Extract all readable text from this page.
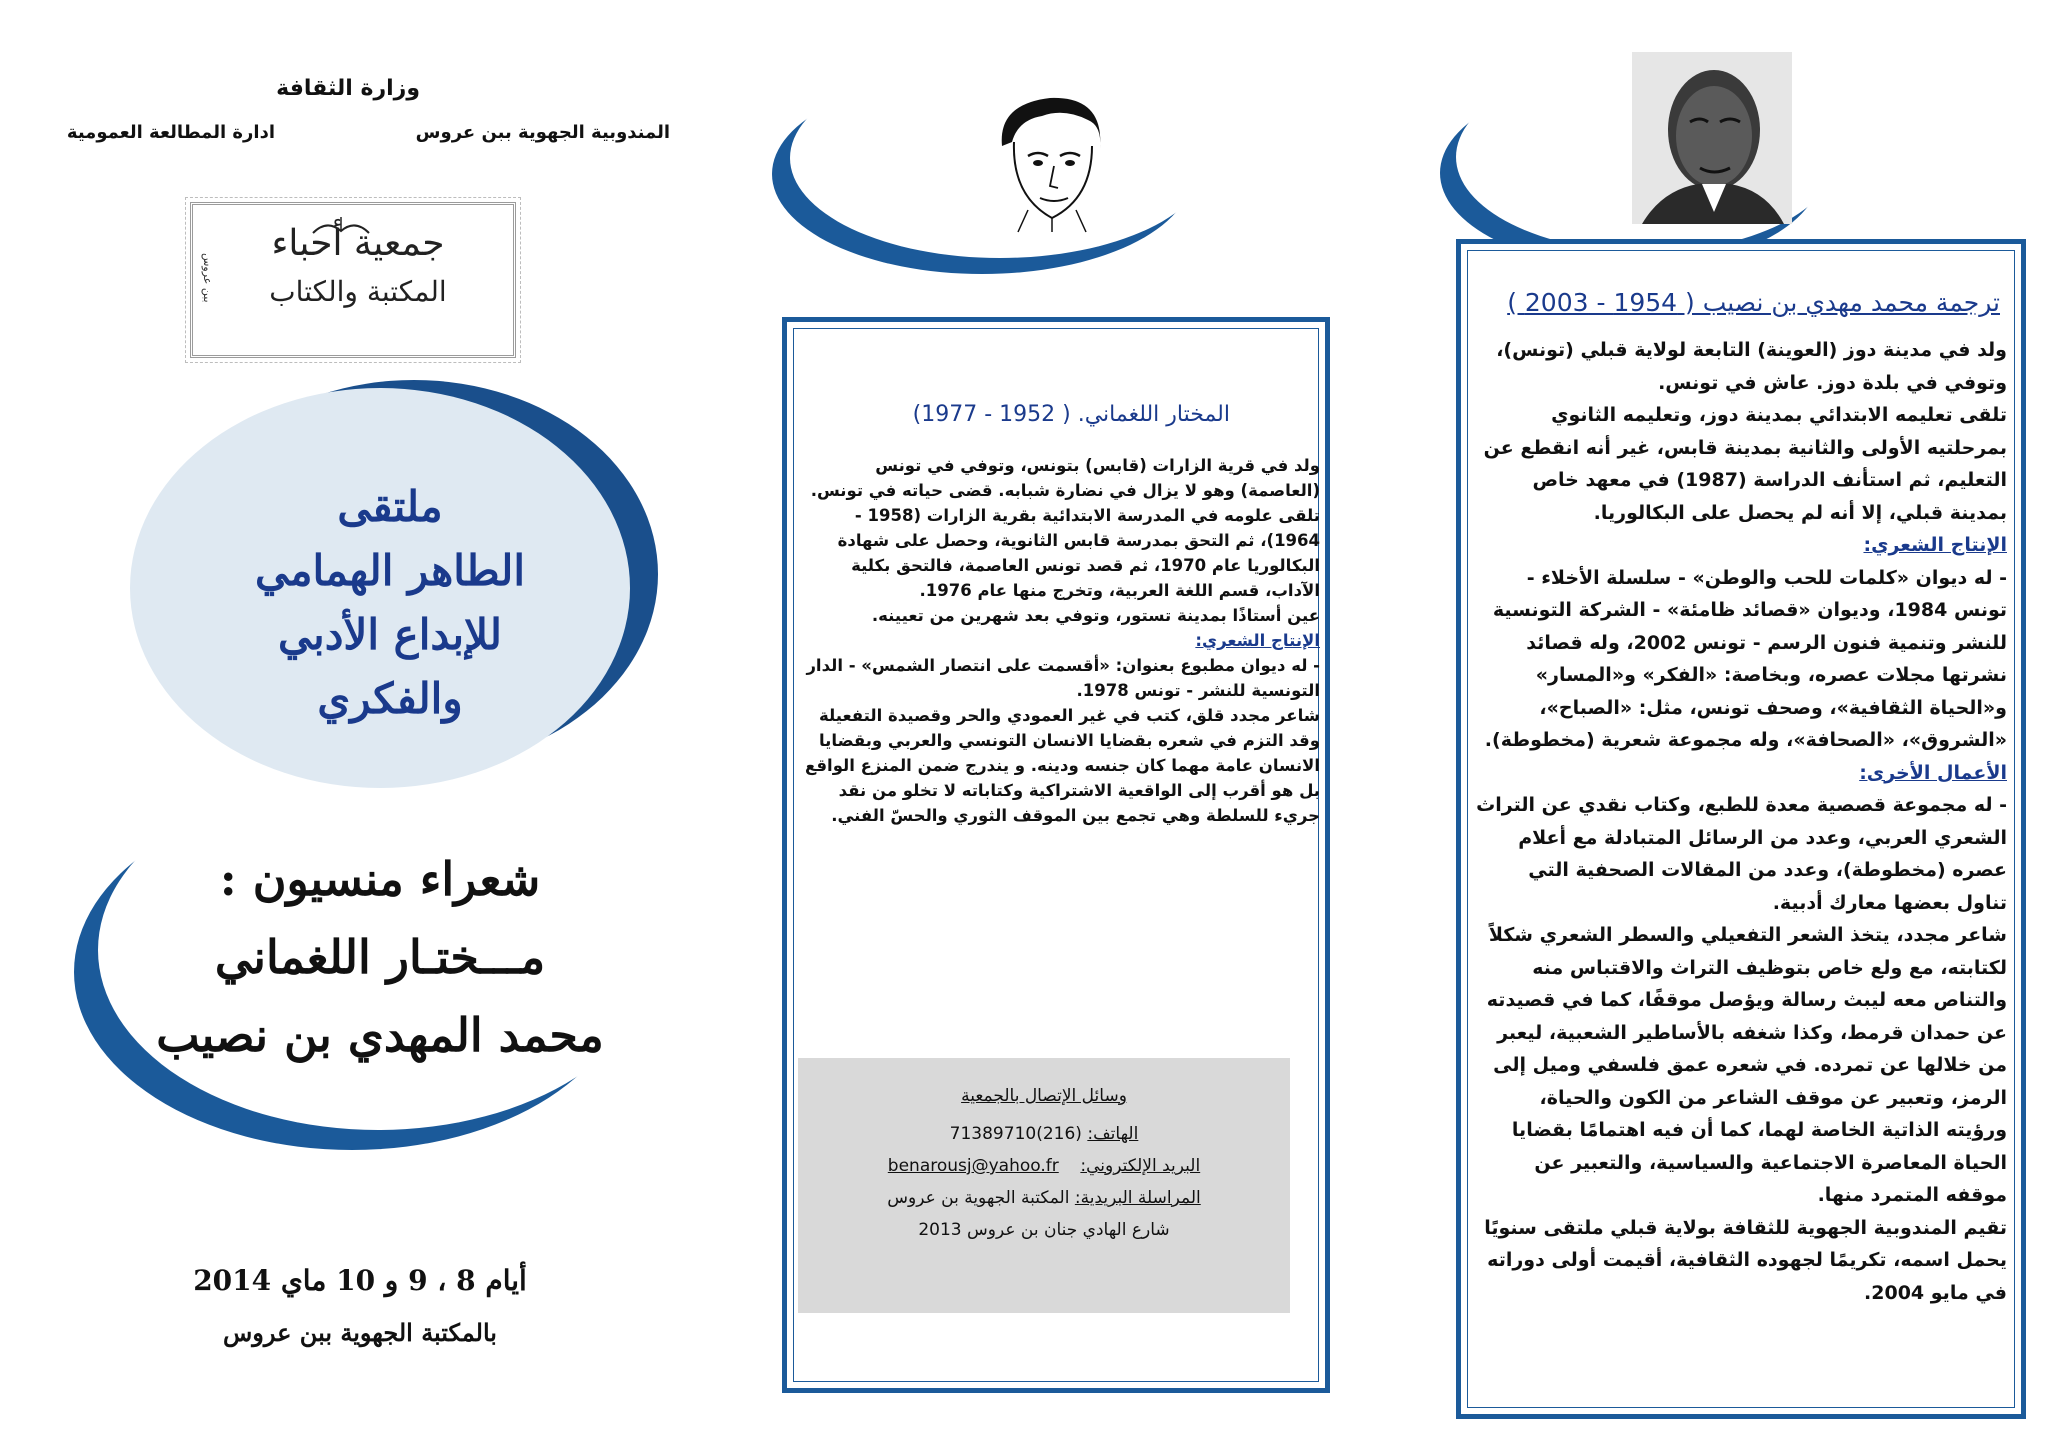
وزارة الثقافة
المندوبية الجهوية ببن عروس
ادارة المطالعة العمومية
جمعية أحباء
المكتبة والكتاب
ببن عروس
ملتقى
الطاهر الهمامي
للإبداع الأدبي
والفكري
شعراء منسيون :
مـــختـار اللغماني
محمد المهدي بن نصيب
أيام 8 ، 9 و 10 ماي 2014
بالمكتبة الجهوية ببن عروس
المختار اللغماني. ( 1952 - 1977)

ولد في قرية الزارات (قابس) بتونس، وتوفي في تونس (العاصمة) وهو لا يزال في نضارة شبابه. قضى حياته في تونس.

تلقى علومه في المدرسة الابتدائية بقرية الزارات (1958 - 1964)، ثم التحق بمدرسة قابس الثانوية، وحصل على شهادة البكالوريا عام 1970، ثم قصد تونس العاصمة، فالتحق بكلية الآداب، قسم اللغة العربية، وتخرج منها عام 1976.

عين أستاذًا بمدينة تستور، وتوفي بعد شهرين من تعيينه.

الإنتاج الشعري:

- له ديوان مطبوع بعنوان: «أقسمت على انتصار الشمس» - الدار التونسية للنشر - تونس 1978.

شاعر مجدد قلق، كتب في غير العمودي والحر وقصيدة التفعيلة وقد التزم في شعره بقضايا الانسان التونسي والعربي وبقضايا الانسان عامة مهما كان جنسه ودينه. و يندرج ضمن المنزع الواقع بل هو أقرب إلى الواقعية الاشتراكية وكتاباته لا تخلو من نقد جريء للسلطة وهي تجمع بين الموقف الثوري والحسّ الفني.

وسائل الإتصال بالجمعية
الهاتف: (216)71389710
البريد الإلكتروني:    benarousj@yahoo.fr
المراسلة البريدية: المكتبة الجهوية بن عروس
شارع الهادي جنان بن عروس 2013
ترجمة محمد مهدي بن نصيب ( 1954 - 2003 )

ولد في مدينة دوز (العوينة) التابعة لولاية قبلي (تونس)، وتوفي في بلدة دوز. عاش في تونس.

تلقى تعليمه الابتدائي بمدينة دوز، وتعليمه الثانوي بمرحلتيه الأولى والثانية بمدينة قابس، غير أنه انقطع عن التعليم، ثم استأنف الدراسة (1987) في معهد خاص بمدينة قبلي، إلا أنه لم يحصل على البكالوريا.

الإنتاج الشعري:

- له ديوان «كلمات للحب والوطن» - سلسلة الأخلاء - تونس 1984، وديوان «قصائد ظامئة» - الشركة التونسية للنشر وتنمية فنون الرسم - تونس 2002، وله قصائد نشرتها مجلات عصره، وبخاصة: «الفكر» و«المسار» و«الحياة الثقافية»، وصحف تونس، مثل: «الصباح»، «الشروق»، «الصحافة»، وله مجموعة شعرية (مخطوطة).

الأعمال الأخرى:

- له مجموعة قصصية معدة للطبع، وكتاب نقدي عن التراث الشعري العربي، وعدد من الرسائل المتبادلة مع أعلام عصره (مخطوطة)، وعدد من المقالات الصحفية التي تناول بعضها معارك أدبية.

شاعر مجدد، يتخذ الشعر التفعيلي والسطر الشعري شكلاً لكتابته، مع ولع خاص بتوظيف التراث والاقتباس منه والتناص معه ليبث رسالة ويؤصل موقفًا، كما في قصيدته عن حمدان قرمط، وكذا شغفه بالأساطير الشعبية، ليعبر من خلالها عن تمرده. في شعره عمق فلسفي وميل إلى الرمز، وتعبير عن موقف الشاعر من الكون والحياة، ورؤيته الذاتية الخاصة لهما، كما أن فيه اهتمامًا بقضايا الحياة المعاصرة الاجتماعية والسياسية، والتعبير عن موقفه المتمرد منها.

تقيم المندوبية الجهوية للثقافة بولاية قبلي ملتقى سنويًا يحمل اسمه، تكريمًا لجهوده الثقافية، أقيمت أولى دوراته في مايو 2004.
